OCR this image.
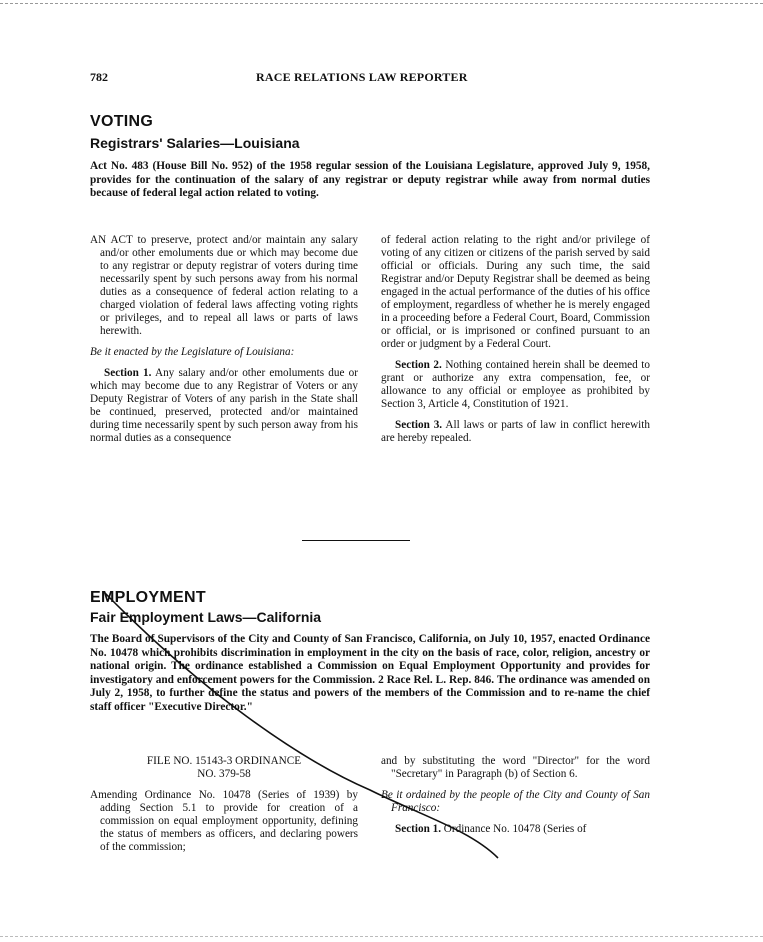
782	RACE RELATIONS LAW REPORTER
VOTING
Registrars' Salaries—Louisiana
Act No. 483 (House Bill No. 952) of the 1958 regular session of the Louisiana Legislature, approved July 9, 1958, provides for the continuation of the salary of any registrar or deputy registrar while away from normal duties because of federal legal action related to voting.

AN ACT to preserve, protect and/or maintain any salary and/or other emoluments due or which may become due to any registrar or deputy registrar of voters during time necessarily spent by such persons away from his normal duties as a consequence of federal action relating to a charged violation of federal laws affecting voting rights or privileges, and to repeal all laws or parts of laws herewith.

Be it enacted by the Legislature of Louisiana:

Section 1. Any salary and/or other emoluments due or which may become due to any Registrar of Voters or any Deputy Registrar of Voters of any parish in the State shall be continued, preserved, protected and/or maintained during time necessarily spent by such person away from his normal duties as a consequence

of federal action relating to the right and/or privilege of voting of any citizen or citizens of the parish served by said official or officials. During any such time, the said Registrar and/or Deputy Registrar shall be deemed as being engaged in the actual performance of the duties of his office of employment, regardless of whether he is merely engaged in a proceeding before a Federal Court, Board, Commission or official, or is imprisoned or confined pursuant to an order or judgment by a Federal Court.

Section 2. Nothing contained herein shall be deemed to grant or authorize any extra compensation, fee, or allowance to any official or employee as prohibited by Section 3, Article 4, Constitution of 1921.

Section 3. All laws or parts of law in conflict herewith are hereby repealed.

EMPLOYMENT
Fair Employment Laws—California
The Board of Supervisors of the City and County of San Francisco, California, on July 10, 1957, enacted Ordinance No. 10478 which prohibits discrimination in employment in the city on the basis of race, color, religion, ancestry or national origin. The ordinance established a Commission on Equal Employment Opportunity and provides for investigatory and enforcement powers for the Commission. 2 Race Rel. L. Rep. 846. The ordinance was amended on July 2, 1958, to further define the status and powers of the members of the Commission and to re-name the chief staff officer "Executive Director."

FILE NO. 15143-3 ORDINANCE

NO. 379-58

Amending Ordinance No. 10478 (Series of 1939) by adding Section 5.1 to provide for creation of a commission on equal employment opportunity, defining the status of members as officers, and declaring powers of the commission;

and by substituting the word "Director" for the word "Secretary" in Paragraph (b) of Section 6.

Be it ordained by the people of the City and County of San Francisco:

Section 1. Ordinance No. 10478 (Series of
